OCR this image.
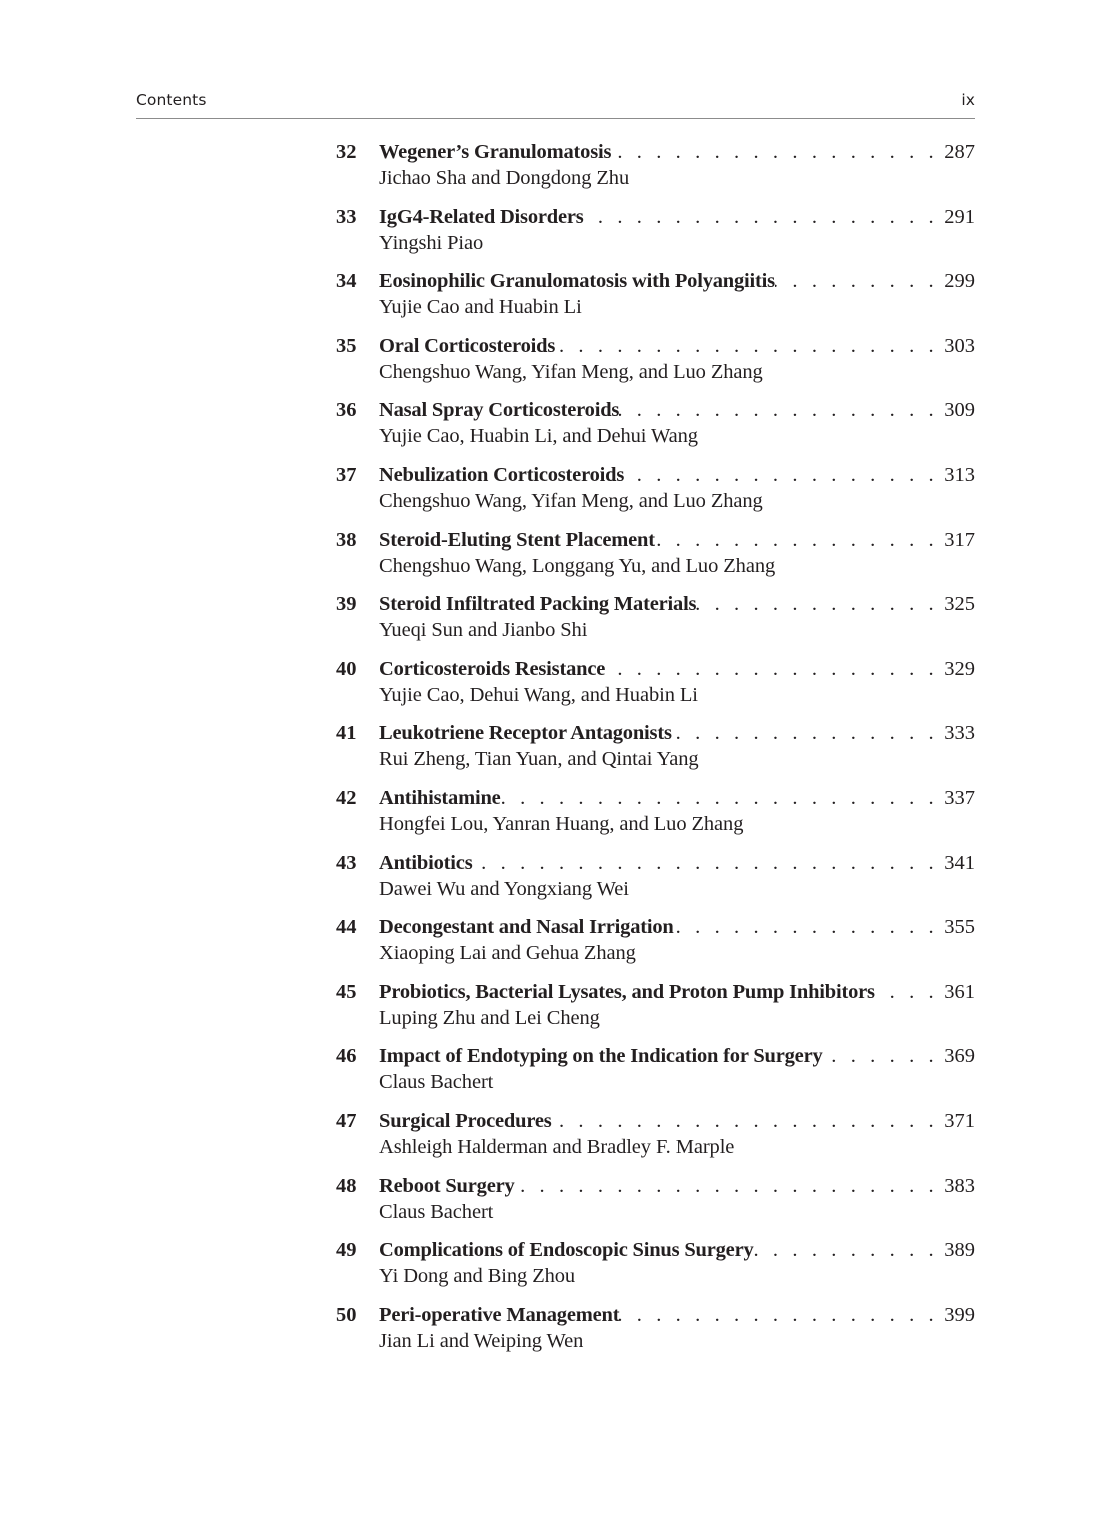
Contents	ix
32 Wegener’s Granulomatosis . . .	287
Jichao Sha and Dongdong Zhu
33 IgG4-Related Disorders . . .	291
Yingshi Piao
34 Eosinophilic Granulomatosis with Polyangiitis . . .	299
Yujie Cao and Huabin Li
35 Oral Corticosteroids . . .	303
Chengshuo Wang, Yifan Meng, and Luo Zhang
36 Nasal Spray Corticosteroids . . .	309
Yujie Cao, Huabin Li, and Dehui Wang
37 Nebulization Corticosteroids . . .	313
Chengshuo Wang, Yifan Meng, and Luo Zhang
38 Steroid-Eluting Stent Placement . . .	317
Chengshuo Wang, Longgang Yu, and Luo Zhang
39 Steroid Infiltrated Packing Materials . . .	325
Yueqi Sun and Jianbo Shi
40 Corticosteroids Resistance . . .	329
Yujie Cao, Dehui Wang, and Huabin Li
41 Leukotriene Receptor Antagonists . . .	333
Rui Zheng, Tian Yuan, and Qintai Yang
42 Antihistamine . . .	337
Hongfei Lou, Yanran Huang, and Luo Zhang
43 Antibiotics . . .	341
Dawei Wu and Yongxiang Wei
44 Decongestant and Nasal Irrigation . . .	355
Xiaoping Lai and Gehua Zhang
45 Probiotics, Bacterial Lysates, and Proton Pump Inhibitors . . .	361
Luping Zhu and Lei Cheng
46 Impact of Endotyping on the Indication for Surgery . . .	369
Claus Bachert
47 Surgical Procedures . . .	371
Ashleigh Halderman and Bradley F. Marple
48 Reboot Surgery . . .	383
Claus Bachert
49 Complications of Endoscopic Sinus Surgery . . .	389
Yi Dong and Bing Zhou
50 Peri-operative Management . . .	399
Jian Li and Weiping Wen
